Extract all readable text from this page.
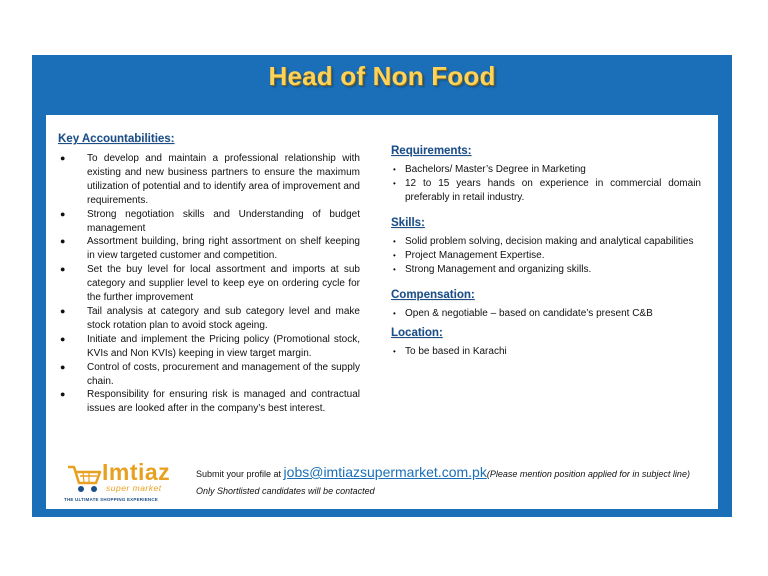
Head of Non Food
Key Accountabilities:
● To develop and maintain a professional relationship with existing and new business partners to ensure the maximum utilization of potential and to identify area of improvement and requirements.
● Strong negotiation skills and Understanding of budget management
● Assortment building, bring right assortment on shelf keeping in view targeted customer and competition.
● Set the buy level for local assortment and imports at sub category and supplier level to keep eye on ordering cycle for the further improvement
● Tail analysis at category and sub category level and make stock rotation plan to avoid stock ageing.
● Initiate and implement the Pricing policy (Promotional stock, KVIs and Non KVIs) keeping in view target margin.
● Control of costs, procurement and management of the supply chain.
● Responsibility for ensuring risk is managed and contractual issues are looked after in the company’s best interest.
Requirements:
• Bachelors/ Master’s Degree in Marketing
• 12 to 15 years hands on experience in commercial domain preferably in retail industry.
Skills:
• Solid problem solving, decision making and analytical capabilities
• Project Management Expertise.
• Strong Management and organizing skills.
Compensation:
• Open & negotiable – based on candidate’s present C&B
Location:
• To be based in Karachi
Imtiaz
super market
THE ULTIMATE SHOPPING EXPERIENCE
Submit your profile at jobs@imtiazsupermarket.com.pk(Please mention position applied for in subject line)
Only Shortlisted candidates will be contacted
